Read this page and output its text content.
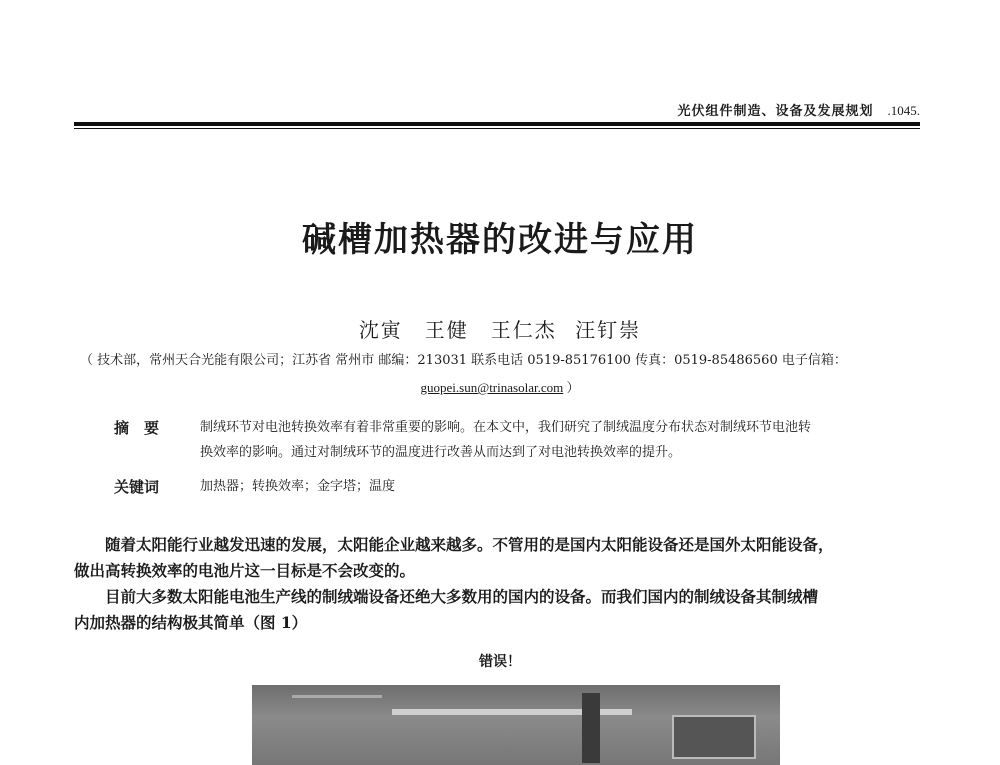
光伏组件制造、设备及发展规划 .1045.
碱槽加热器的改进与应用
沈寅　王健　王仁杰 汪钉崇
（ 技术部，常州天合光能有限公司；江苏省 常州市 邮编：213031 联系电话 0519-85176100 传真：0519-85486560 电子信箱：
guopei.sun@trinasolar.com ）
摘　要	制绒环节对电池转换效率有着非常重要的影响。在本文中，我们研究了制绒温度分布状态对制绒环节电池转
换效率的影响。通过对制绒环节的温度进行改善从而达到了对电池转换效率的提升。
关键词	加热器；转换效率；金字塔；温度
随着太阳能行业越发迅速的发展，太阳能企业越来越多。不管用的是国内太阳能设备还是国外太阳能设备，
做出高转换效率的电池片这一目标是不会改变的。
目前大多数太阳能电池生产线的制绒端设备还绝大多数用的国内的设备。而我们国内的制绒设备其制绒槽
内加热器的结构极其简单（图 1）
错误！
